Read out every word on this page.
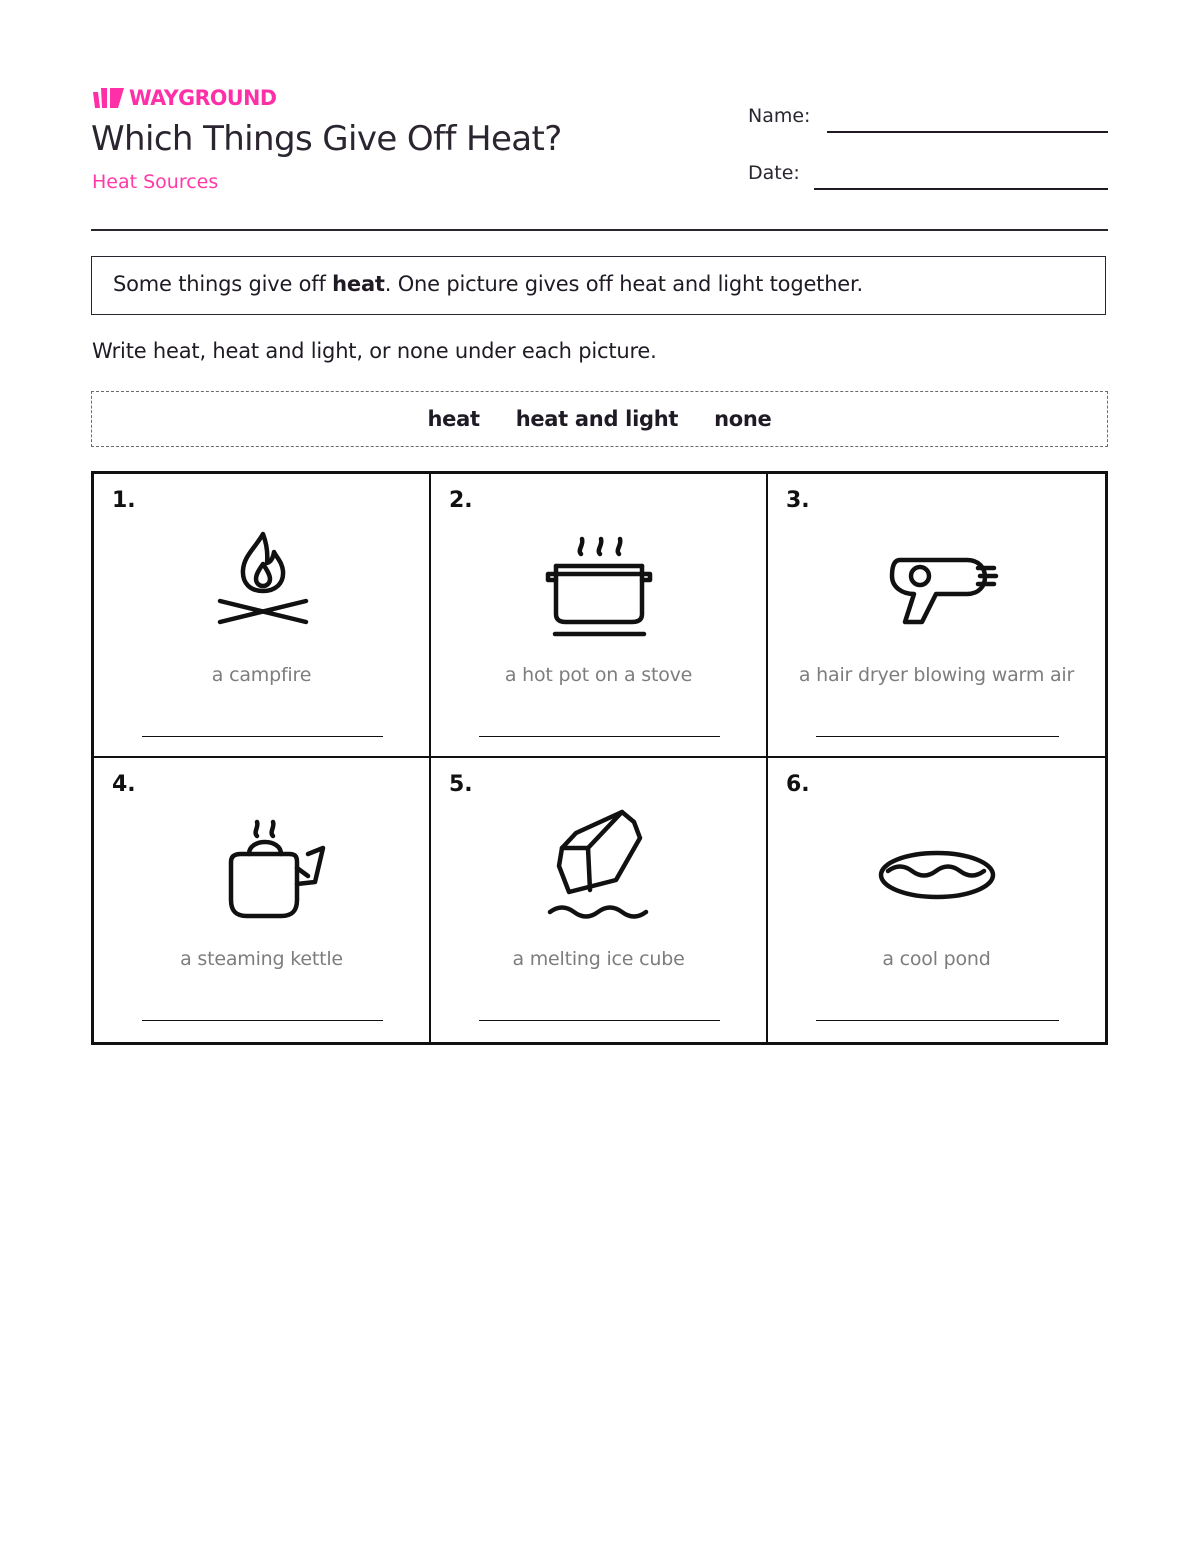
WAYGROUND
Which Things Give Off Heat?
Heat Sources
Name:
Date:
Some things give off heat. One picture gives off heat and light together.
Write heat, heat and light, or none under each picture.
heat heat and light none
1.
a campfire
2.
a hot pot on a stove
3.
a hair dryer blowing warm air
4.
a steaming kettle
5.
a melting ice cube
6.
a cool pond
